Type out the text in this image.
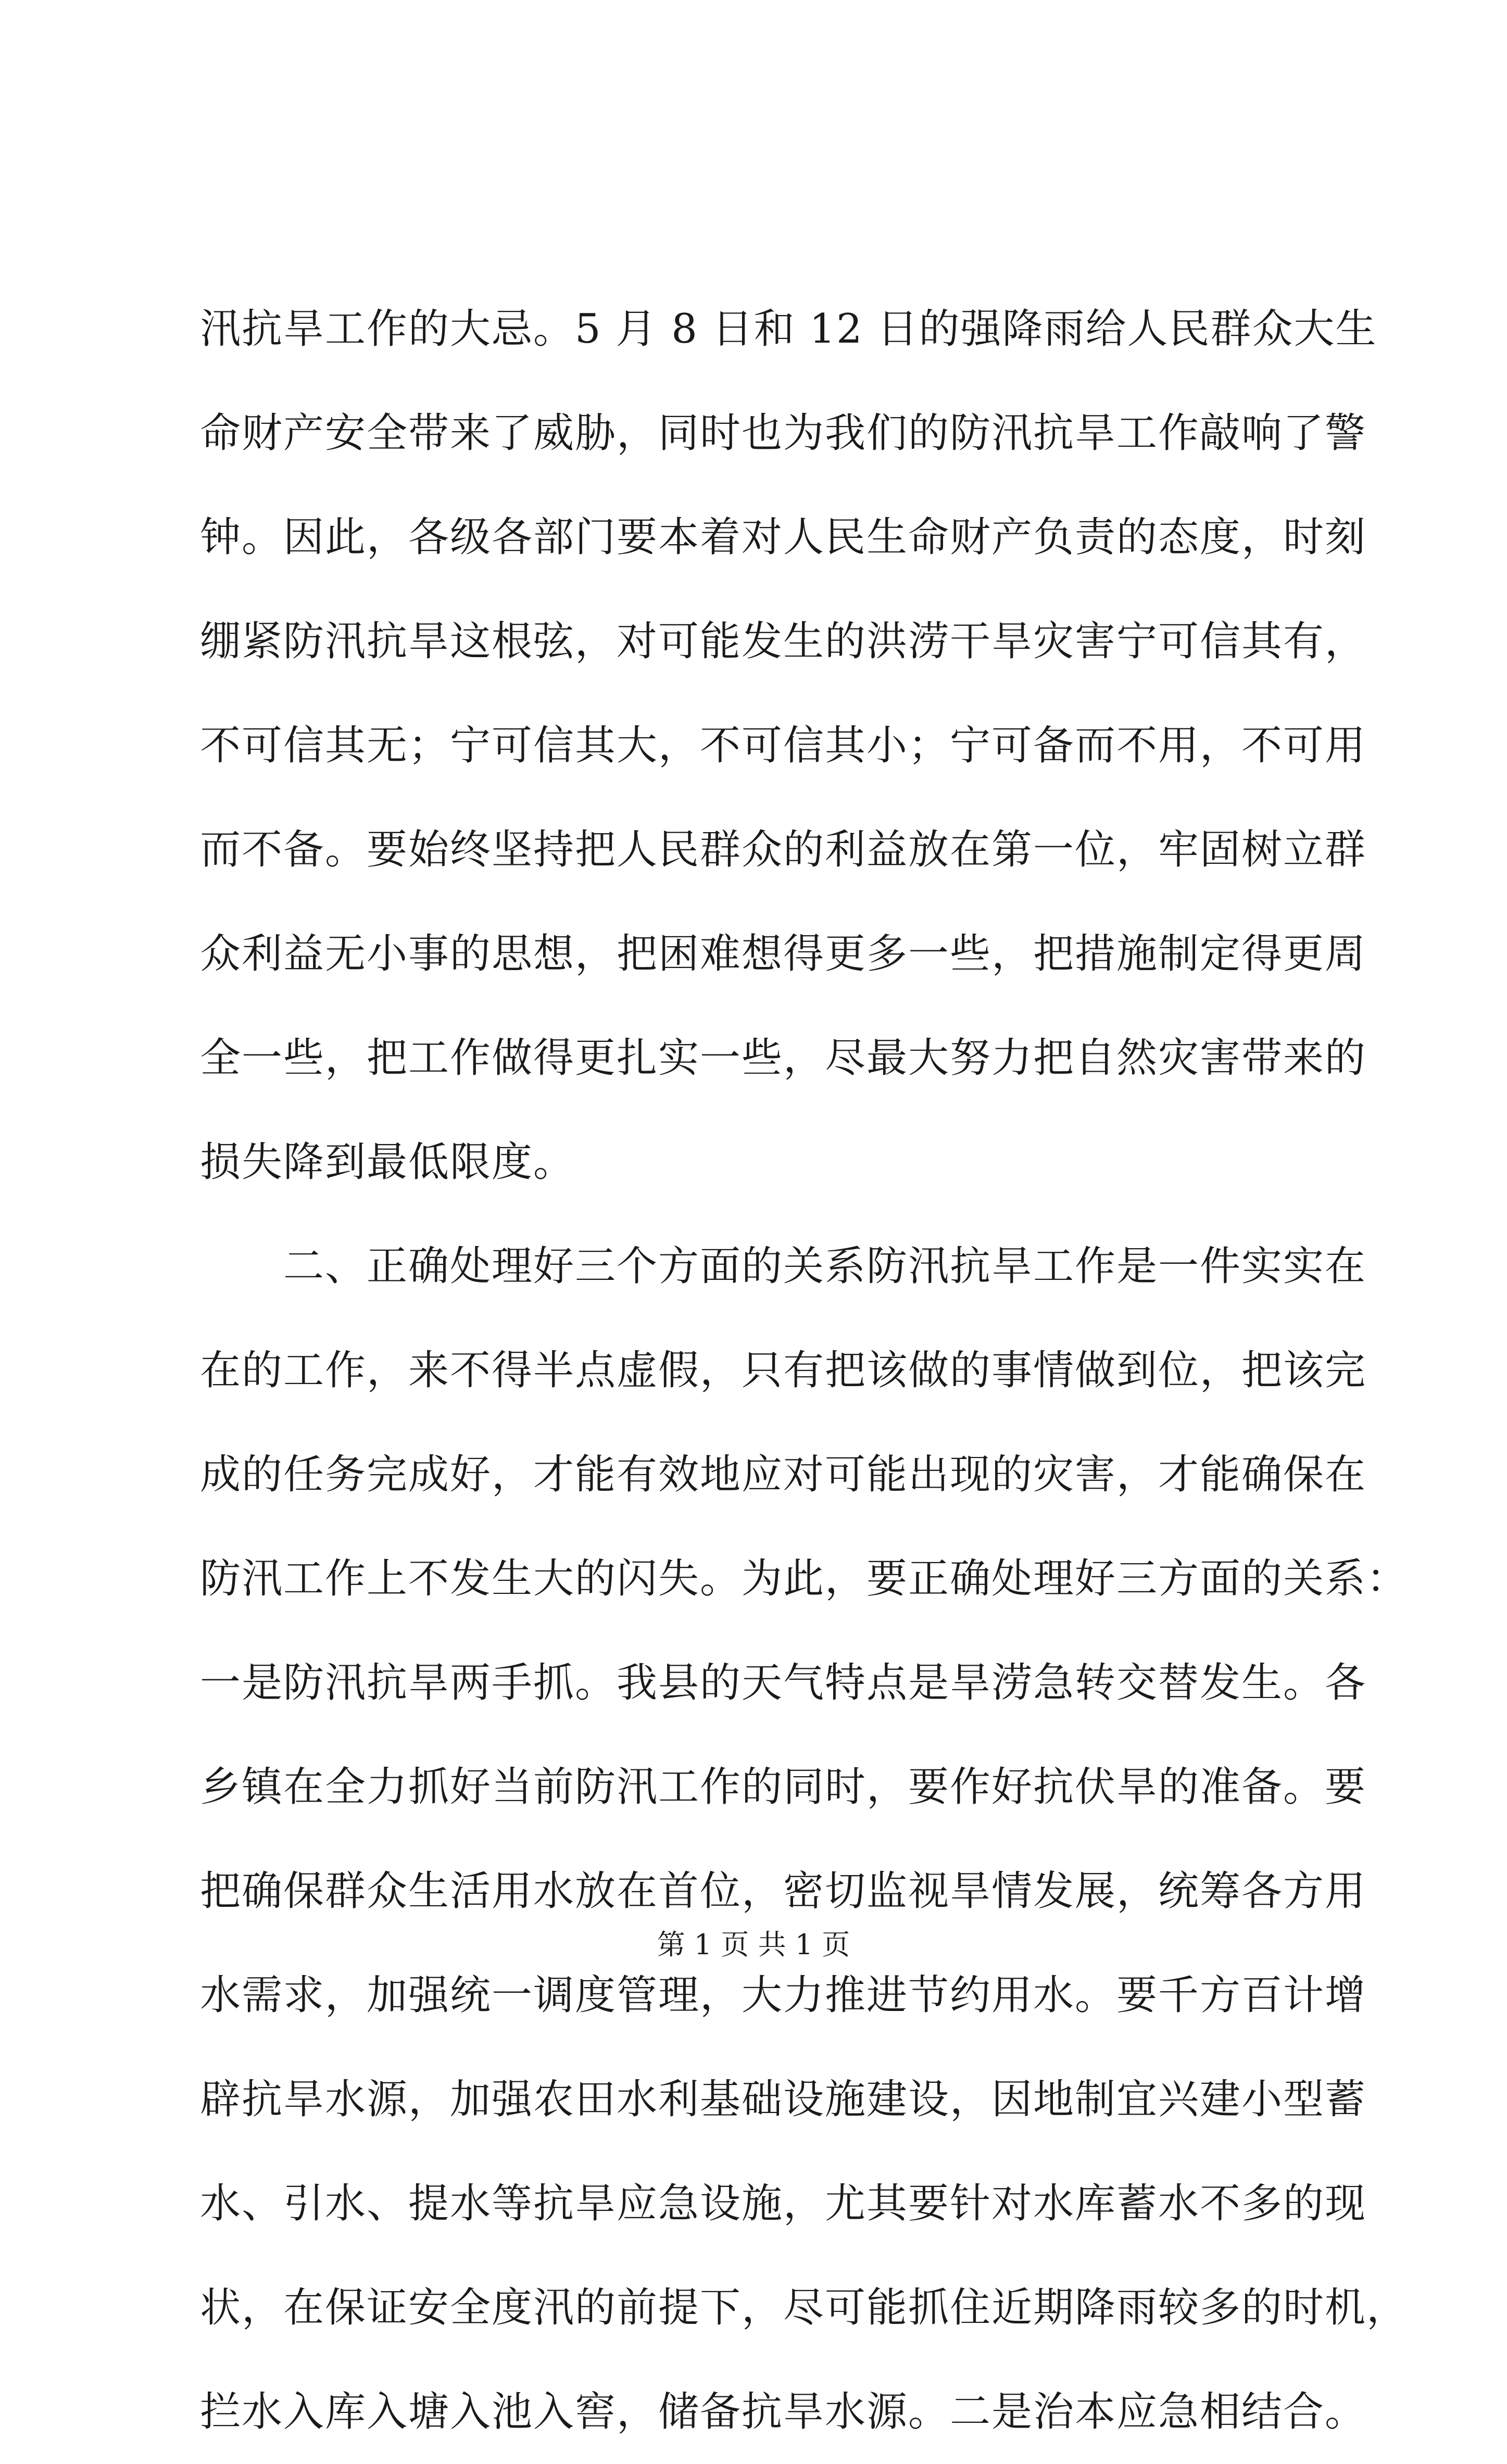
汛抗旱工作的大忌。5 月 8 日和 12 日的强降雨给人民群众大生
命财产安全带来了威胁，同时也为我们的防汛抗旱工作敲响了警
钟。因此，各级各部门要本着对人民生命财产负责的态度，时刻
绷紧防汛抗旱这根弦，对可能发生的洪涝干旱灾害宁可信其有，
不可信其无；宁可信其大，不可信其小；宁可备而不用，不可用
而不备。要始终坚持把人民群众的利益放在第一位，牢固树立群
众利益无小事的思想，把困难想得更多一些，把措施制定得更周
全一些，把工作做得更扎实一些，尽最大努力把自然灾害带来的
损失降到最低限度。
　　二、正确处理好三个方面的关系防汛抗旱工作是一件实实在
在的工作，来不得半点虚假，只有把该做的事情做到位，把该完
成的任务完成好，才能有效地应对可能出现的灾害，才能确保在
防汛工作上不发生大的闪失。为此，要正确处理好三方面的关系：
一是防汛抗旱两手抓。我县的天气特点是旱涝急转交替发生。各
乡镇在全力抓好当前防汛工作的同时，要作好抗伏旱的准备。要
把确保群众生活用水放在首位，密切监视旱情发展，统筹各方用
水需求，加强统一调度管理，大力推进节约用水。要千方百计增
辟抗旱水源，加强农田水利基础设施建设，因地制宜兴建小型蓄
水、引水、提水等抗旱应急设施，尤其要针对水库蓄水不多的现
状，在保证安全度汛的前提下，尽可能抓住近期降雨较多的时机，
拦水入库入塘入池入窖，储备抗旱水源。二是治本应急相结合。
第 1 页 共 1 页
